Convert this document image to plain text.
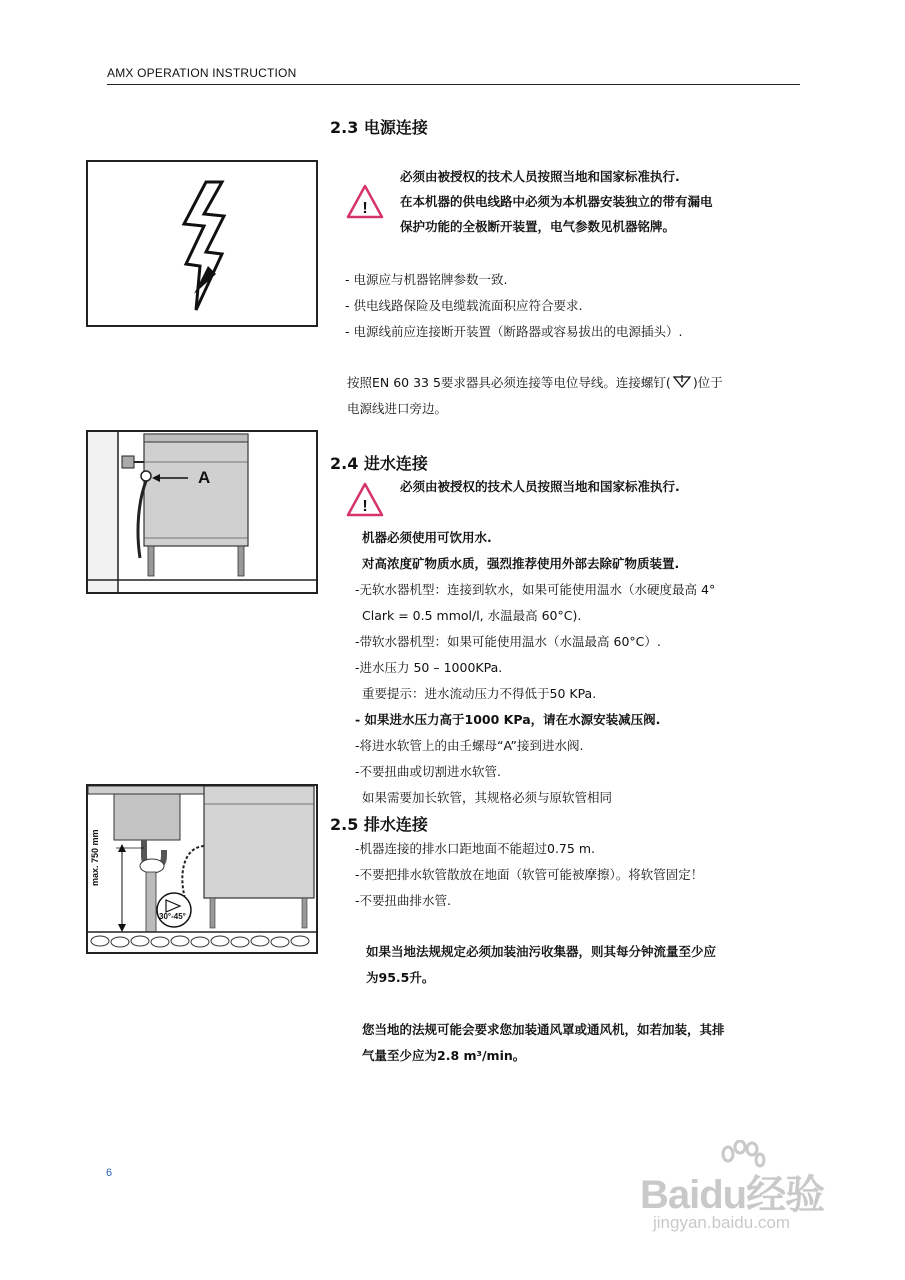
AMX OPERATION INSTRUCTION
2.3 电源连接
!
必须由被授权的技术人员按照当地和国家标准执行.
在本机器的供电线路中必须为本机器安装独立的带有漏电
保护功能的全极断开装置，电气参数见机器铭牌。
- 电源应与机器铭牌参数一致.
- 供电线路保险及电缆载流面积应符合要求.
- 电源线前应连接断开装置（断路器或容易拔出的电源插头）.
按照EN 60 33 5要求器具必须连接等电位导线。连接螺钉( )位于
电源线进口旁边。
A
2.4 进水连接
!
必须由被授权的技术人员按照当地和国家标准执行.
机器必须使用可饮用水.
对高浓度矿物质水质，强烈推荐使用外部去除矿物质装置.
-无软水器机型：连接到软水，如果可能使用温水（水硬度最高 4°
Clark = 0.5 mmol/l, 水温最高 60°C).
-带软水器机型：如果可能使用温水（水温最高 60°C）.
-进水压力 50 – 1000KPa.
重要提示：进水流动压力不得低于50 KPa.
- 如果进水压力高于1000 KPa，请在水源安装减压阀.
-将进水软管上的由壬螺母“A”接到进水阀.
-不要扭曲或切割进水软管.
如果需要加长软管，其规格必须与原软管相同
max. 750 mm
30°-45°
2.5 排水连接
-机器连接的排水口距地面不能超过0.75 m.
-不要把排水软管散放在地面（软管可能被摩擦）。将软管固定！
-不要扭曲排水管.
如果当地法规规定必须加装油污收集器，则其每分钟流量至少应
为95.5升。
您当地的法规可能会要求您加装通风罩或通风机，如若加装，其排
气量至少应为2.8 m³/min。
6	Baidu经验
jingyan.baidu.com
